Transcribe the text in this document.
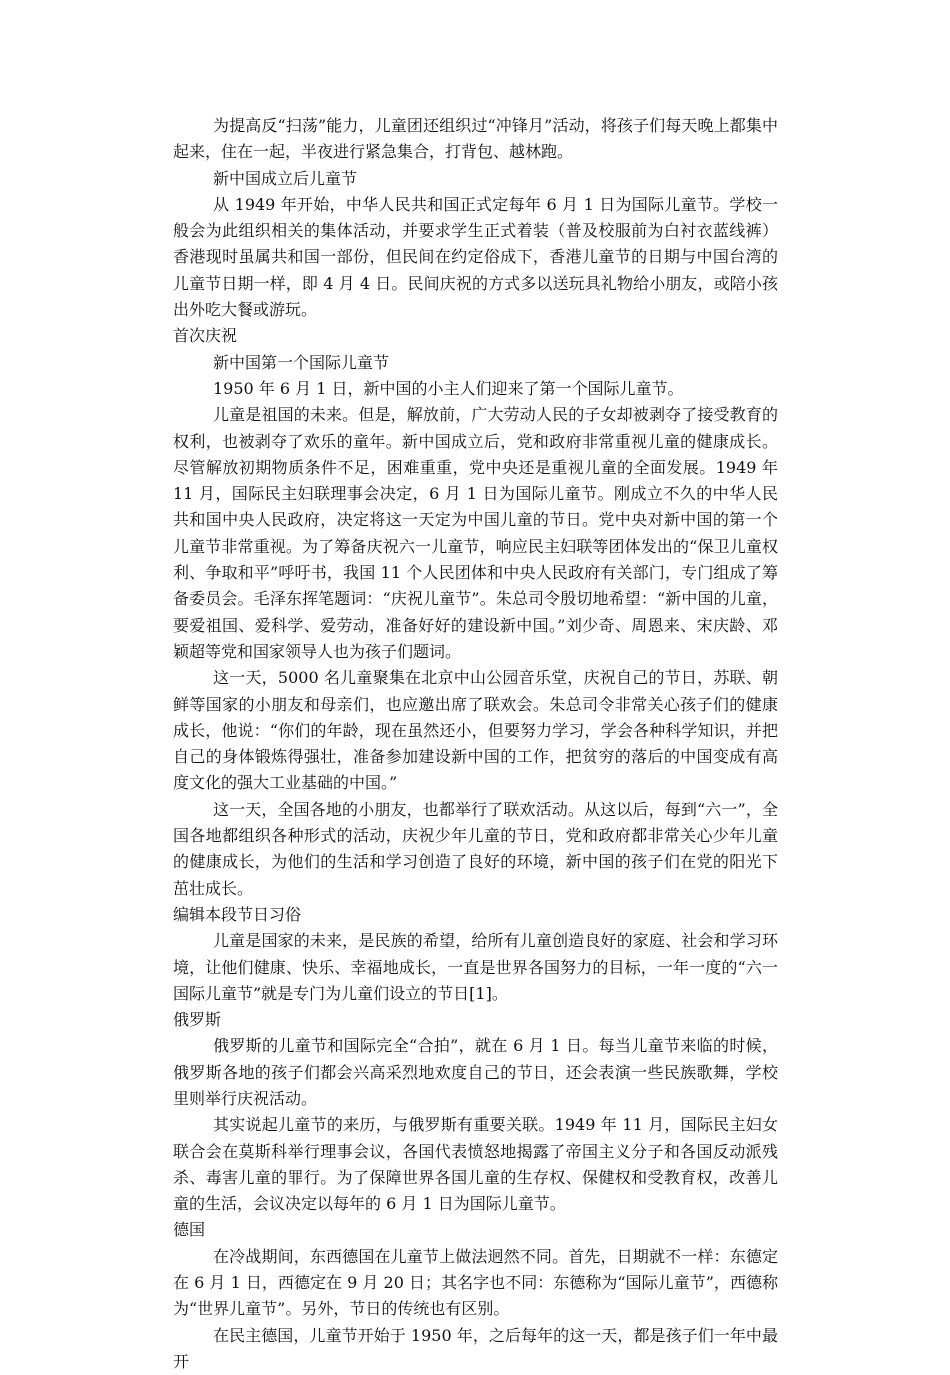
为提高反“扫荡”能力，儿童团还组织过“冲锋月”活动，将孩子们每天晚上都集中起来，住在一起，半夜进行紧急集合，打背包、越林跑。

新中国成立后儿童节

从 1949 年开始，中华人民共和国正式定每年 6 月 1 日为国际儿童节。学校一般会为此组织相关的集体活动，并要求学生正式着装（普及校服前为白衬衣蓝线裤）香港现时虽属共和国一部份，但民间在约定俗成下，香港儿童节的日期与中国台湾的儿童节日期一样，即 4 月 4 日。民间庆祝的方式多以送玩具礼物给小朋友，或陪小孩出外吃大餐或游玩。

首次庆祝

新中国第一个国际儿童节

1950 年 6 月 1 日，新中国的小主人们迎来了第一个国际儿童节。

儿童是祖国的未来。但是，解放前，广大劳动人民的子女却被剥夺了接受教育的权利，也被剥夺了欢乐的童年。新中国成立后，党和政府非常重视儿童的健康成长。尽管解放初期物质条件不足，困难重重，党中央还是重视儿童的全面发展。1949 年 11 月，国际民主妇联理事会决定，6 月 1 日为国际儿童节。刚成立不久的中华人民共和国中央人民政府，决定将这一天定为中国儿童的节日。党中央对新中国的第一个儿童节非常重视。为了筹备庆祝六一儿童节，响应民主妇联等团体发出的“保卫儿童权利、争取和平”呼吁书，我国 11 个人民团体和中央人民政府有关部门，专门组成了筹备委员会。毛泽东挥笔题词：“庆祝儿童节”。朱总司令殷切地希望：“新中国的儿童，要爱祖国、爱科学、爱劳动，准备好好的建设新中国。”刘少奇、周恩来、宋庆龄、邓颖超等党和国家领导人也为孩子们题词。

这一天，5000 名儿童聚集在北京中山公园音乐堂，庆祝自己的节日，苏联、朝鲜等国家的小朋友和母亲们，也应邀出席了联欢会。朱总司令非常关心孩子们的健康成长，他说：“你们的年龄，现在虽然还小，但要努力学习，学会各种科学知识，并把自己的身体锻炼得强壮，准备参加建设新中国的工作，把贫穷的落后的中国变成有高度文化的强大工业基础的中国。”

这一天，全国各地的小朋友，也都举行了联欢活动。从这以后，每到“六一”，全国各地都组织各种形式的活动，庆祝少年儿童的节日，党和政府都非常关心少年儿童的健康成长，为他们的生活和学习创造了良好的环境，新中国的孩子们在党的阳光下茁壮成长。

编辑本段节日习俗

儿童是国家的未来，是民族的希望，给所有儿童创造良好的家庭、社会和学习环境，让他们健康、快乐、幸福地成长，一直是世界各国努力的目标，一年一度的“六一国际儿童节”就是专门为儿童们设立的节日[1]。

俄罗斯

俄罗斯的儿童节和国际完全“合拍”，就在 6 月 1 日。每当儿童节来临的时候，俄罗斯各地的孩子们都会兴高采烈地欢度自己的节日，还会表演一些民族歌舞，学校里则举行庆祝活动。

其实说起儿童节的来历，与俄罗斯有重要关联。1949 年 11 月，国际民主妇女联合会在莫斯科举行理事会议，各国代表愤怒地揭露了帝国主义分子和各国反动派残杀、毒害儿童的罪行。为了保障世界各国儿童的生存权、保健权和受教育权，改善儿童的生活，会议决定以每年的 6 月 1 日为国际儿童节。

德国

在冷战期间，东西德国在儿童节上做法迥然不同。首先，日期就不一样：东德定在 6 月 1 日，西德定在 9 月 20 日；其名字也不同：东德称为“国际儿童节”，西德称为“世界儿童节”。另外，节日的传统也有区别。

在民主德国，儿童节开始于 1950 年，之后每年的这一天，都是孩子们一年中最开
